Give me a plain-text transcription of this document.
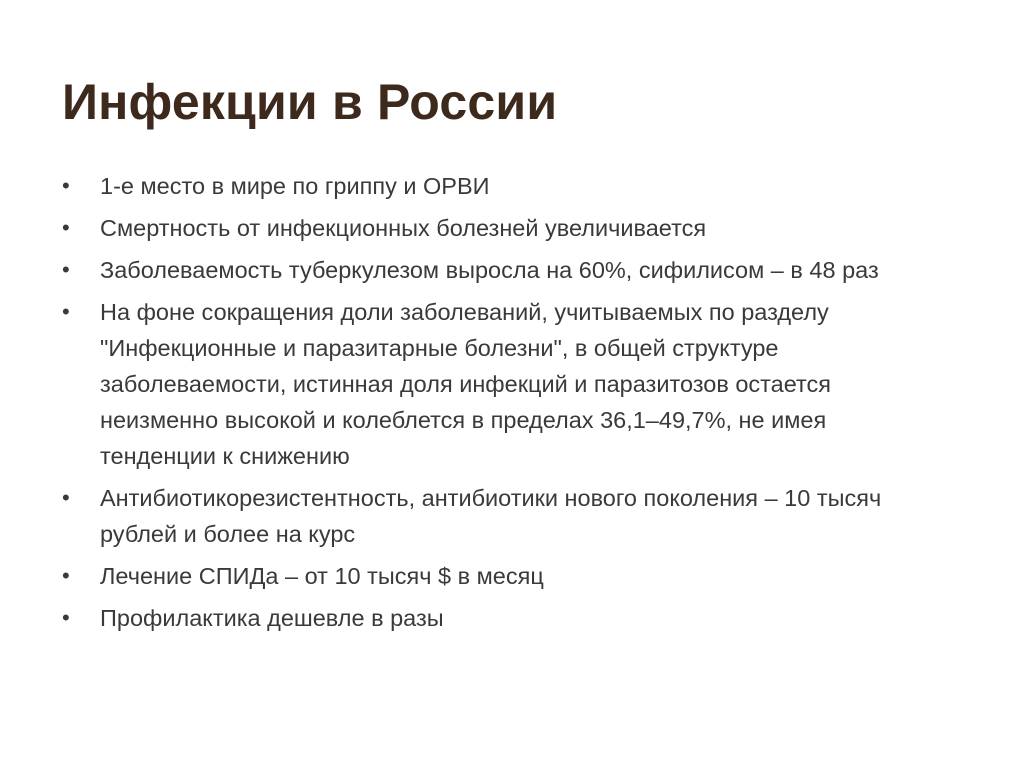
Инфекции в России
•	1-е место в мире по гриппу и ОРВИ
•	Смертность от инфекционных болезней увеличивается
•	Заболеваемость туберкулезом выросла на 60%, сифилисом – в 48 раз
•	На фоне сокращения доли заболеваний, учитываемых по разделу "Инфекционные и паразитарные болезни", в общей структуре заболеваемости, истинная доля инфекций и паразитозов остается неизменно высокой и колеблется в пределах 36,1–49,7%, не имея тенденции к снижению
•	Антибиотикорезистентность, антибиотики нового поколения – 10 тысяч рублей и более на курс
•	Лечение СПИДа – от 10 тысяч $ в месяц
•	Профилактика дешевле в разы
